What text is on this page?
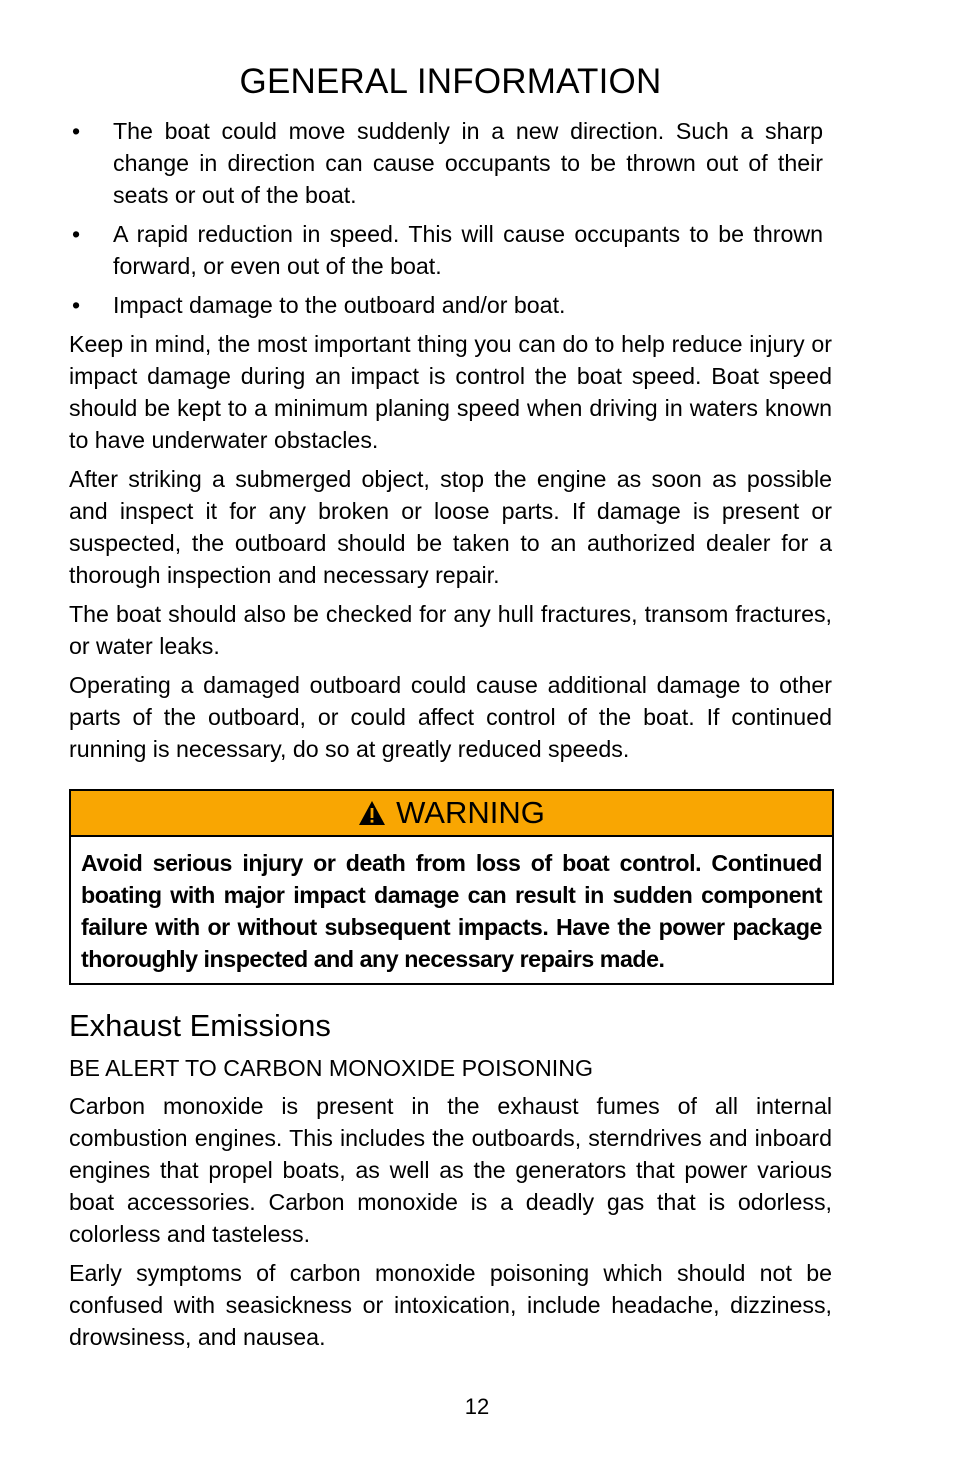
GENERAL INFORMATION
• The boat could move suddenly in a new direction. Such a sharp change in direction can cause occupants to be thrown out of their seats or out of the boat.
• A rapid reduction in speed. This will cause occupants to be thrown forward, or even out of the boat.
• Impact damage to the outboard and/or boat.

Keep in mind, the most important thing you can do to help reduce injury or impact damage during an impact is control the boat speed. Boat speed should be kept to a minimum planing speed when driving in waters known to have underwater obstacles.

After striking a submerged object, stop the engine as soon as possible and inspect it for any broken or loose parts. If damage is present or suspected, the outboard should be taken to an authorized dealer for a thorough inspection and necessary repair.

The boat should also be checked for any hull fractures, transom fractures, or water leaks.

Operating a damaged outboard could cause additional damage to other parts of the outboard, or could affect control of the boat. If continued running is necessary, do so at greatly reduced speeds.

WARNING
Avoid serious injury or death from loss of boat control. Continued boating with major impact damage can result in sudden component failure with or without subsequent impacts. Have the power package thoroughly inspected and any necessary repairs made.
Exhaust Emissions
BE ALERT TO CARBON MONOXIDE POISONING

Carbon monoxide is present in the exhaust fumes of all internal combustion engines. This includes the outboards, sterndrives and inboard engines that propel boats, as well as the generators that power various boat accessories. Carbon monoxide is a deadly gas that is odorless, colorless and tasteless.

Early symptoms of carbon monoxide poisoning which should not be confused with seasickness or intoxication, include headache, dizziness, drowsiness, and nausea.

12
